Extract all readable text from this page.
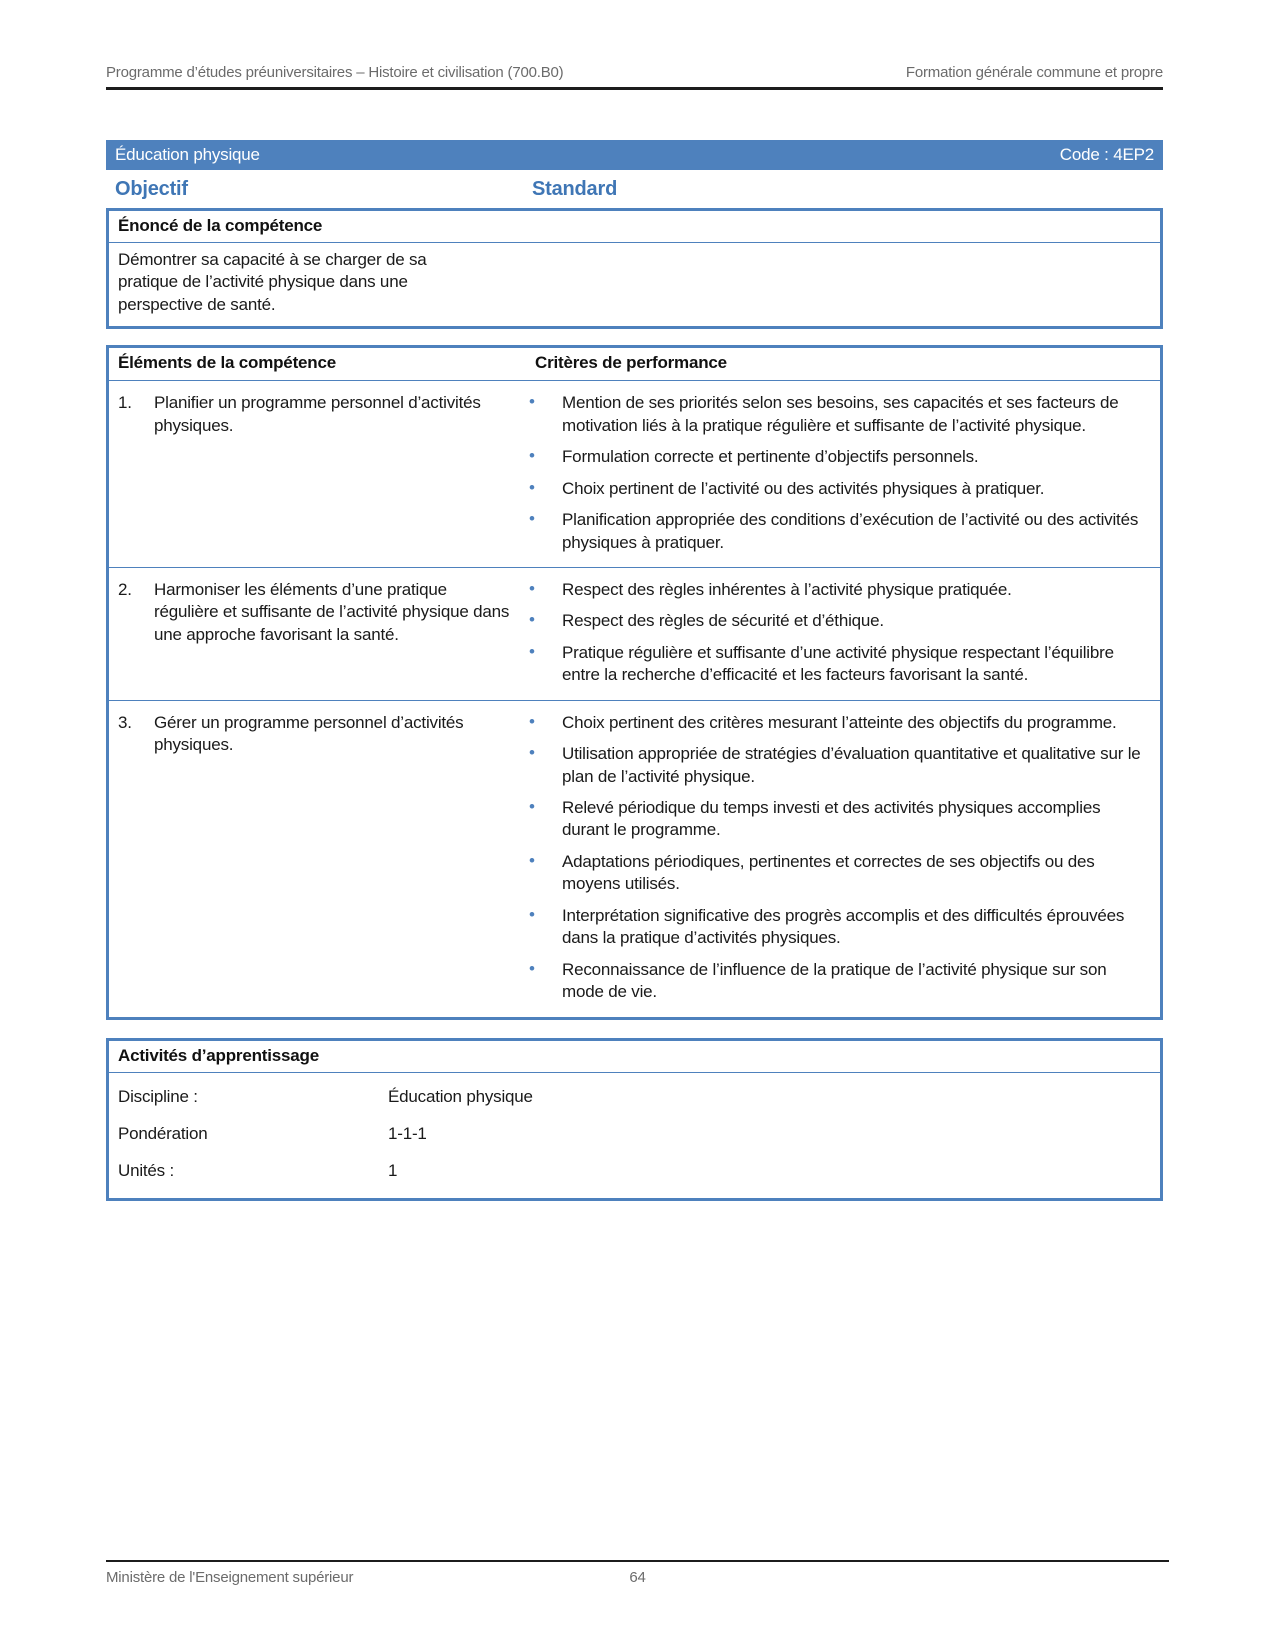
Programme d’études préuniversitaires – Histoire et civilisation (700.B0)	Formation générale commune et propre
Éducation physique	Code : 4EP2
Objectif	Standard
Énoncé de la compétence

Démontrer sa capacité à se charger de sa pratique de l’activité physique dans une perspective de santé.

Éléments de la compétence	Critères de performance
1.	Planifier un programme personnel d’activités physiques.
• Mention de ses priorités selon ses besoins, ses capacités et ses facteurs de motivation liés à la pratique régulière et suffisante de l’activité physique.
• Formulation correcte et pertinente d’objectifs personnels.
• Choix pertinent de l’activité ou des activités physiques à pratiquer.
• Planification appropriée des conditions d’exécution de l’activité ou des activités physiques à pratiquer.
2.	Harmoniser les éléments d’une pratique régulière et suffisante de l’activité physique dans une approche favorisant la santé.
• Respect des règles inhérentes à l’activité physique pratiquée.
• Respect des règles de sécurité et d’éthique.
• Pratique régulière et suffisante d’une activité physique respectant l’équilibre entre la recherche d’efficacité et les facteurs favorisant la santé.
3.	Gérer un programme personnel d’activités physiques.
• Choix pertinent des critères mesurant l’atteinte des objectifs du programme.
• Utilisation appropriée de stratégies d’évaluation quantitative et qualitative sur le plan de l’activité physique.
• Relevé périodique du temps investi et des activités physiques accomplies durant le programme.
• Adaptations périodiques, pertinentes et correctes de ses objectifs ou des moyens utilisés.
• Interprétation significative des progrès accomplis et des difficultés éprouvées dans la pratique d’activités physiques.
• Reconnaissance de l’influence de la pratique de l’activité physique sur son mode de vie.
Activités d’apprentissage
Discipline :	Éducation physique
Pondération	1-1-1
Unités :	1
Ministère de l'Enseignement supérieur	64
